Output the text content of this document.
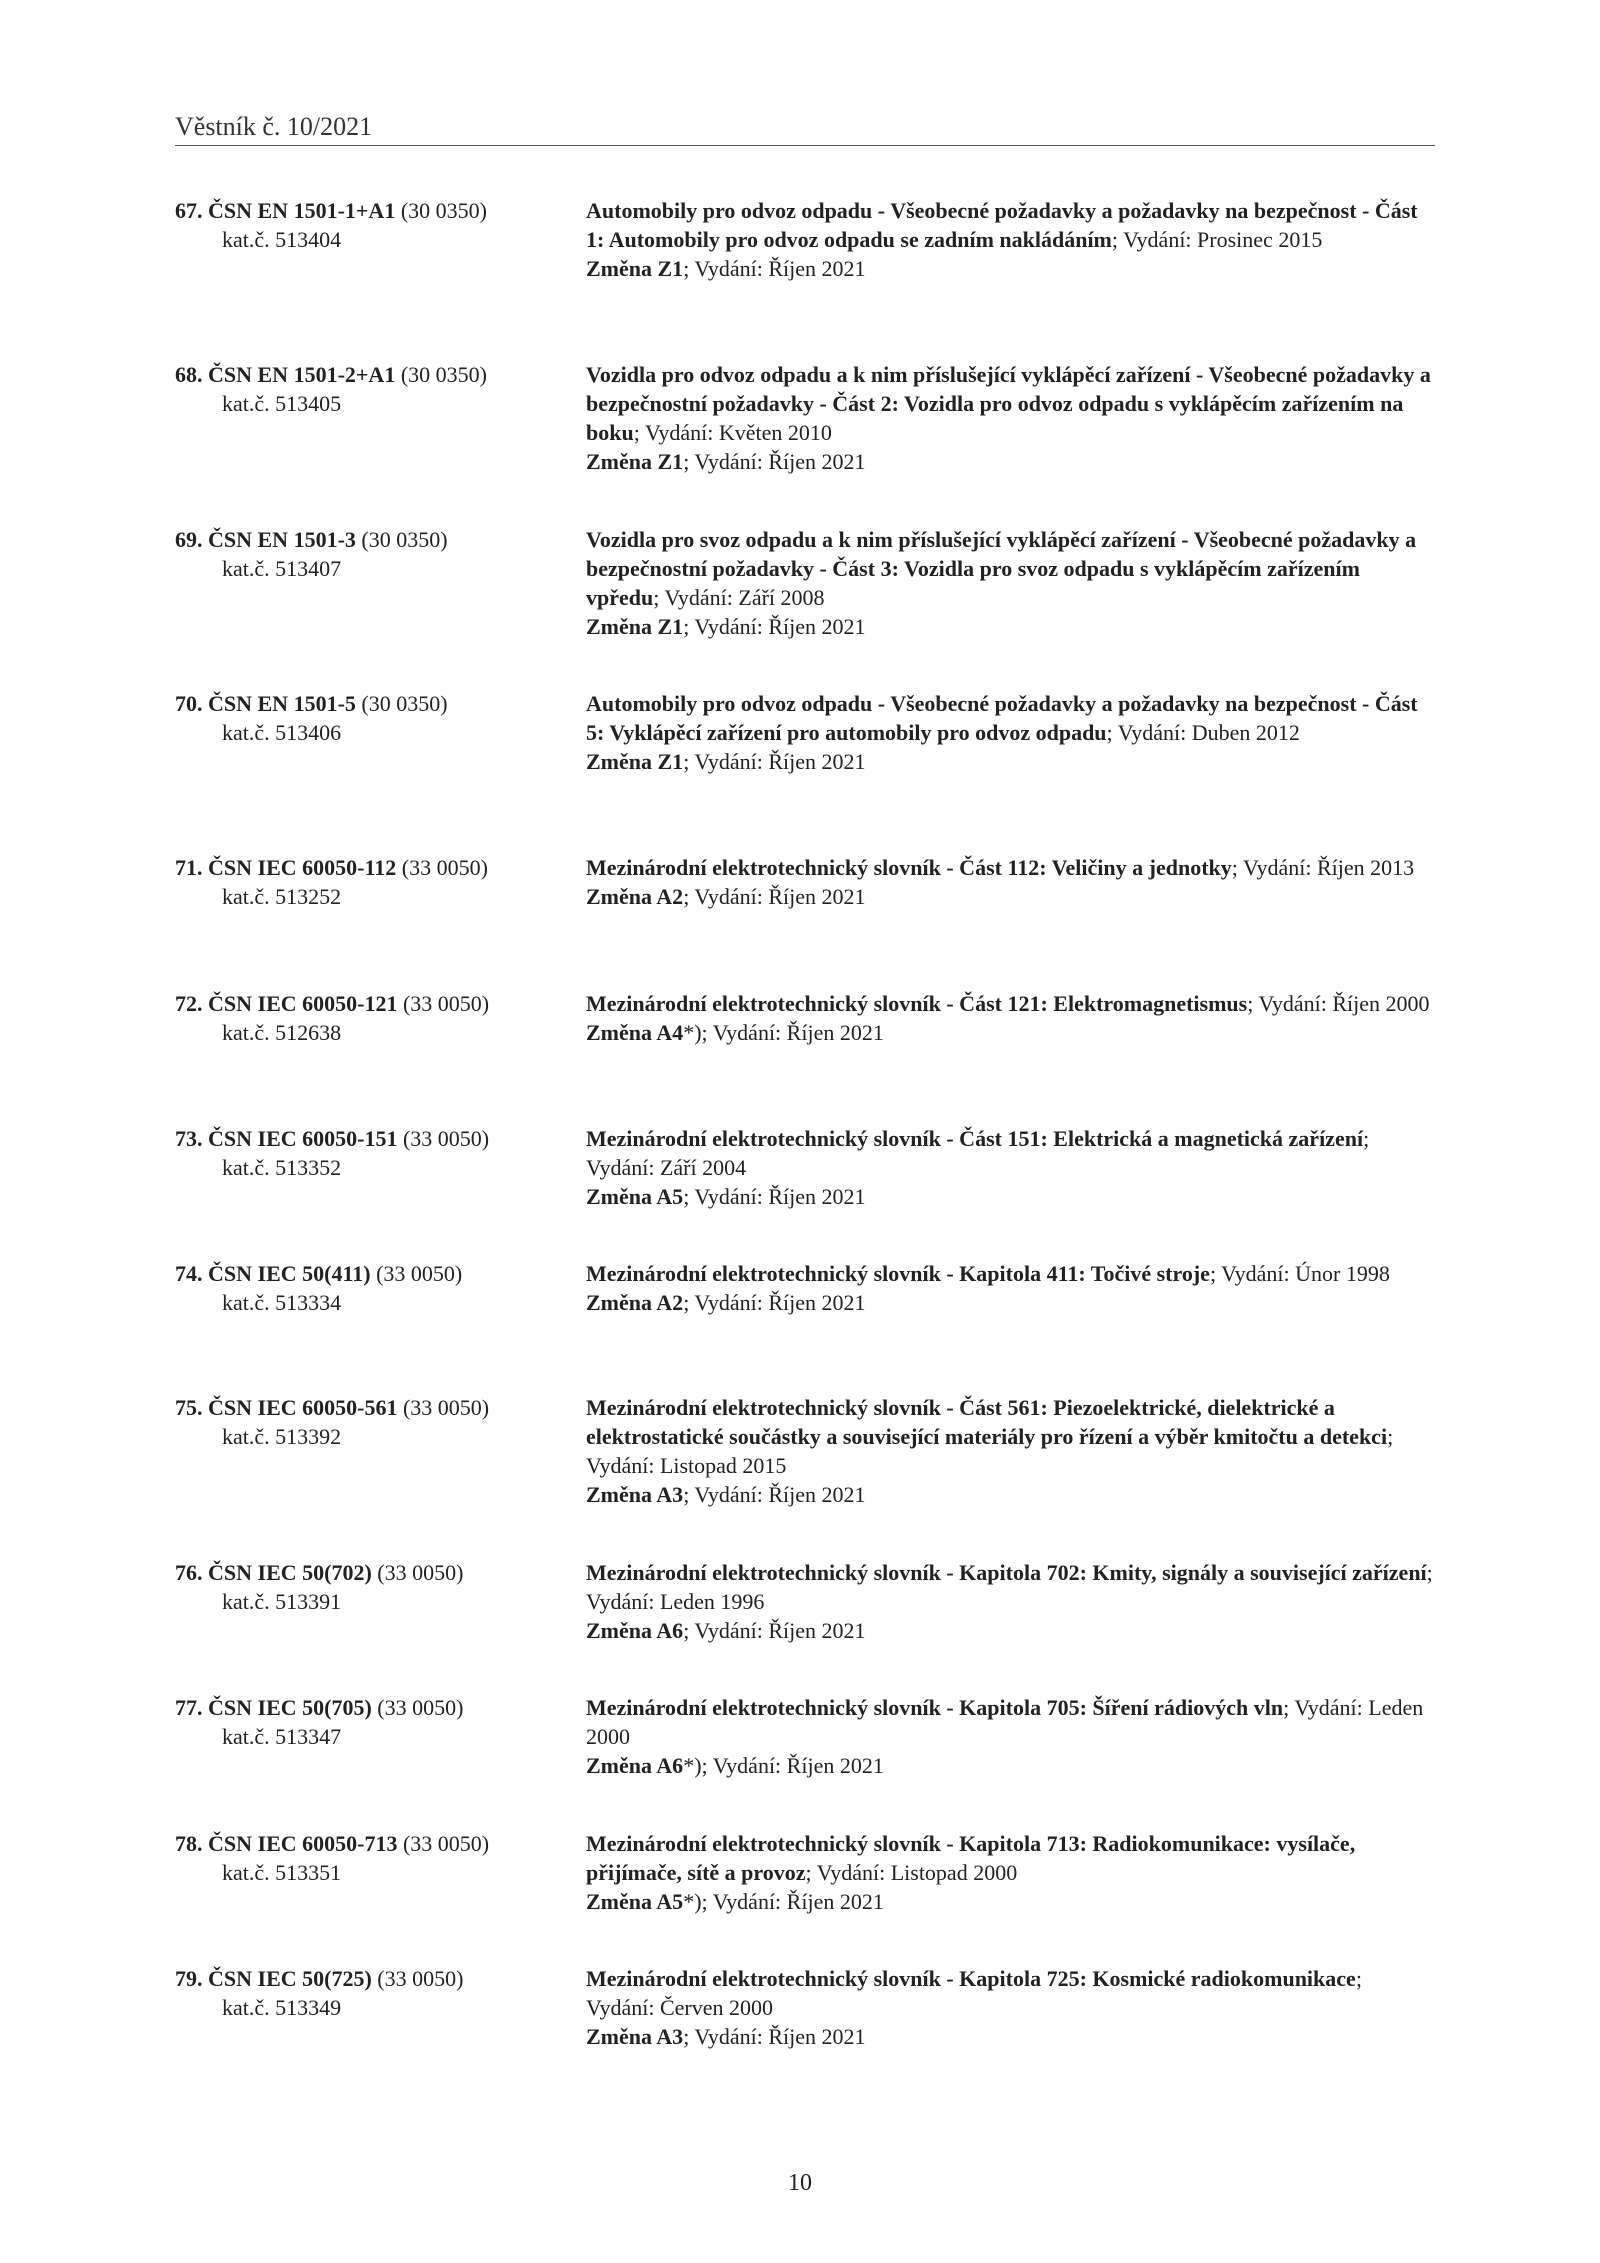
Věstník č. 10/2021
67. ČSN EN 1501-1+A1 (30 0350)
kat.č. 513404
Automobily pro odvoz odpadu - Všeobecné požadavky a požadavky na bezpečnost - Část 1: Automobily pro odvoz odpadu se zadním nakládáním; Vydání: Prosinec 2015
Změna Z1; Vydání: Říjen 2021
68. ČSN EN 1501-2+A1 (30 0350)
kat.č. 513405
Vozidla pro odvoz odpadu a k nim příslušející vyklápěcí zařízení - Všeobecné požadavky a bezpečnostní požadavky - Část 2: Vozidla pro odvoz odpadu s vyklápěcím zařízením na boku; Vydání: Květen 2010
Změna Z1; Vydání: Říjen 2021
69. ČSN EN 1501-3 (30 0350)
kat.č. 513407
Vozidla pro svoz odpadu a k nim příslušející vyklápěcí zařízení - Všeobecné požadavky a bezpečnostní požadavky - Část 3: Vozidla pro svoz odpadu s vyklápěcím zařízením vpředu; Vydání: Září 2008
Změna Z1; Vydání: Říjen 2021
70. ČSN EN 1501-5 (30 0350)
kat.č. 513406
Automobily pro odvoz odpadu - Všeobecné požadavky a požadavky na bezpečnost - Část 5: Vyklápěcí zařízení pro automobily pro odvoz odpadu; Vydání: Duben 2012
Změna Z1; Vydání: Říjen 2021
71. ČSN IEC 60050-112 (33 0050)
kat.č. 513252
Mezinárodní elektrotechnický slovník - Část 112: Veličiny a jednotky; Vydání: Říjen 2013
Změna A2; Vydání: Říjen 2021
72. ČSN IEC 60050-121 (33 0050)
kat.č. 512638
Mezinárodní elektrotechnický slovník - Část 121: Elektromagnetismus; Vydání: Říjen 2000
Změna A4*); Vydání: Říjen 2021
73. ČSN IEC 60050-151 (33 0050)
kat.č. 513352
Mezinárodní elektrotechnický slovník - Část 151: Elektrická a magnetická zařízení; Vydání: Září 2004
Změna A5; Vydání: Říjen 2021
74. ČSN IEC 50(411) (33 0050)
kat.č. 513334
Mezinárodní elektrotechnický slovník - Kapitola 411: Točivé stroje; Vydání: Únor 1998
Změna A2; Vydání: Říjen 2021
75. ČSN IEC 60050-561 (33 0050)
kat.č. 513392
Mezinárodní elektrotechnický slovník - Část 561: Piezoelektrické, dielektrické a elektrostatické součástky a související materiály pro řízení a výběr kmitočtu a detekci; Vydání: Listopad 2015
Změna A3; Vydání: Říjen 2021
76. ČSN IEC 50(702) (33 0050)
kat.č. 513391
Mezinárodní elektrotechnický slovník - Kapitola 702: Kmity, signály a související zařízení; Vydání: Leden 1996
Změna A6; Vydání: Říjen 2021
77. ČSN IEC 50(705) (33 0050)
kat.č. 513347
Mezinárodní elektrotechnický slovník - Kapitola 705: Šíření rádiových vln; Vydání: Leden 2000
Změna A6*); Vydání: Říjen 2021
78. ČSN IEC 60050-713 (33 0050)
kat.č. 513351
Mezinárodní elektrotechnický slovník - Kapitola 713: Radiokomunikace: vysílače, přijímače, sítě a provoz; Vydání: Listopad 2000
Změna A5*); Vydání: Říjen 2021
79. ČSN IEC 50(725) (33 0050)
kat.č. 513349
Mezinárodní elektrotechnický slovník - Kapitola 725: Kosmické radiokomunikace; Vydání: Červen 2000
Změna A3; Vydání: Říjen 2021
10
